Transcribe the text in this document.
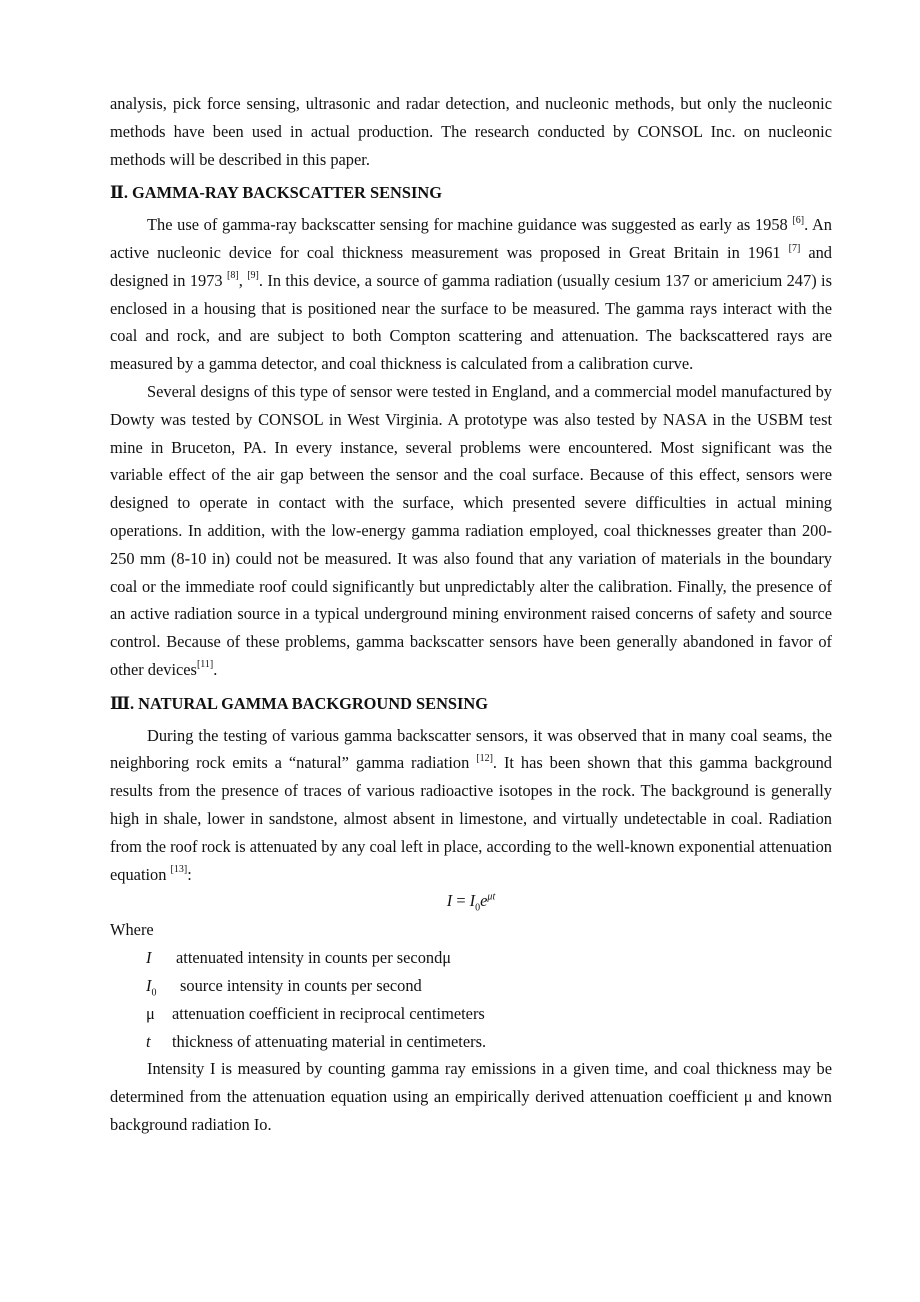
analysis, pick force sensing, ultrasonic and radar detection, and nucleonic methods, but only the nucleonic methods have been used in actual production. The research conducted by CONSOL Inc. on nucleonic methods will be described in this paper.

Ⅱ. GAMMA-RAY BACKSCATTER SENSING

The use of gamma-ray backscatter sensing for machine guidance was suggested as early as 1958 [6]. An active nucleonic device for coal thickness measurement was proposed in Great Britain in 1961 [7] and designed in 1973 [8], [9]. In this device, a source of gamma radiation (usually cesium 137 or americium 247) is enclosed in a housing that is positioned near the surface to be measured. The gamma rays interact with the coal and rock, and are subject to both Compton scattering and attenuation. The backscattered rays are measured by a gamma detector, and coal thickness is calculated from a calibration curve.

Several designs of this type of sensor were tested in England, and a commercial model manufactured by Dowty was tested by CONSOL in West Virginia. A prototype was also tested by NASA in the USBM test mine in Bruceton, PA. In every instance, several problems were encountered. Most significant was the variable effect of the air gap between the sensor and the coal surface. Because of this effect, sensors were designed to operate in contact with the surface, which presented severe difficulties in actual mining operations. In addition, with the low-energy gamma radiation employed, coal thicknesses greater than 200-250 mm (8-10 in) could not be measured. It was also found that any variation of materials in the boundary coal or the immediate roof could significantly but unpredictably alter the calibration. Finally, the presence of an active radiation source in a typical underground mining environment raised concerns of safety and source control. Because of these problems, gamma backscatter sensors have been generally abandoned in favor of other devices[11].

Ⅲ. NATURAL GAMMA BACKGROUND SENSING

During the testing of various gamma backscatter sensors, it was observed that in many coal seams, the neighboring rock emits a “natural” gamma radiation [12]. It has been shown that this gamma background results from the presence of traces of various radioactive isotopes in the rock. The background is generally high in shale, lower in sandstone, almost absent in limestone, and virtually undetectable in coal. Radiation from the roof rock is attenuated by any coal left in place, according to the well-known exponential attenuation equation [13]:

$I = I_0e^{\mu t}$

Where

I	attenuated intensity in counts per secondμ
$I_0$	source intensity in counts per second
μ	attenuation coefficient in reciprocal centimeters
t	thickness of attenuating material in centimeters.

Intensity I is measured by counting gamma ray emissions in a given time, and coal thickness may be determined from the attenuation equation using an empirically derived attenuation coefficient μ and known background radiation Io.
